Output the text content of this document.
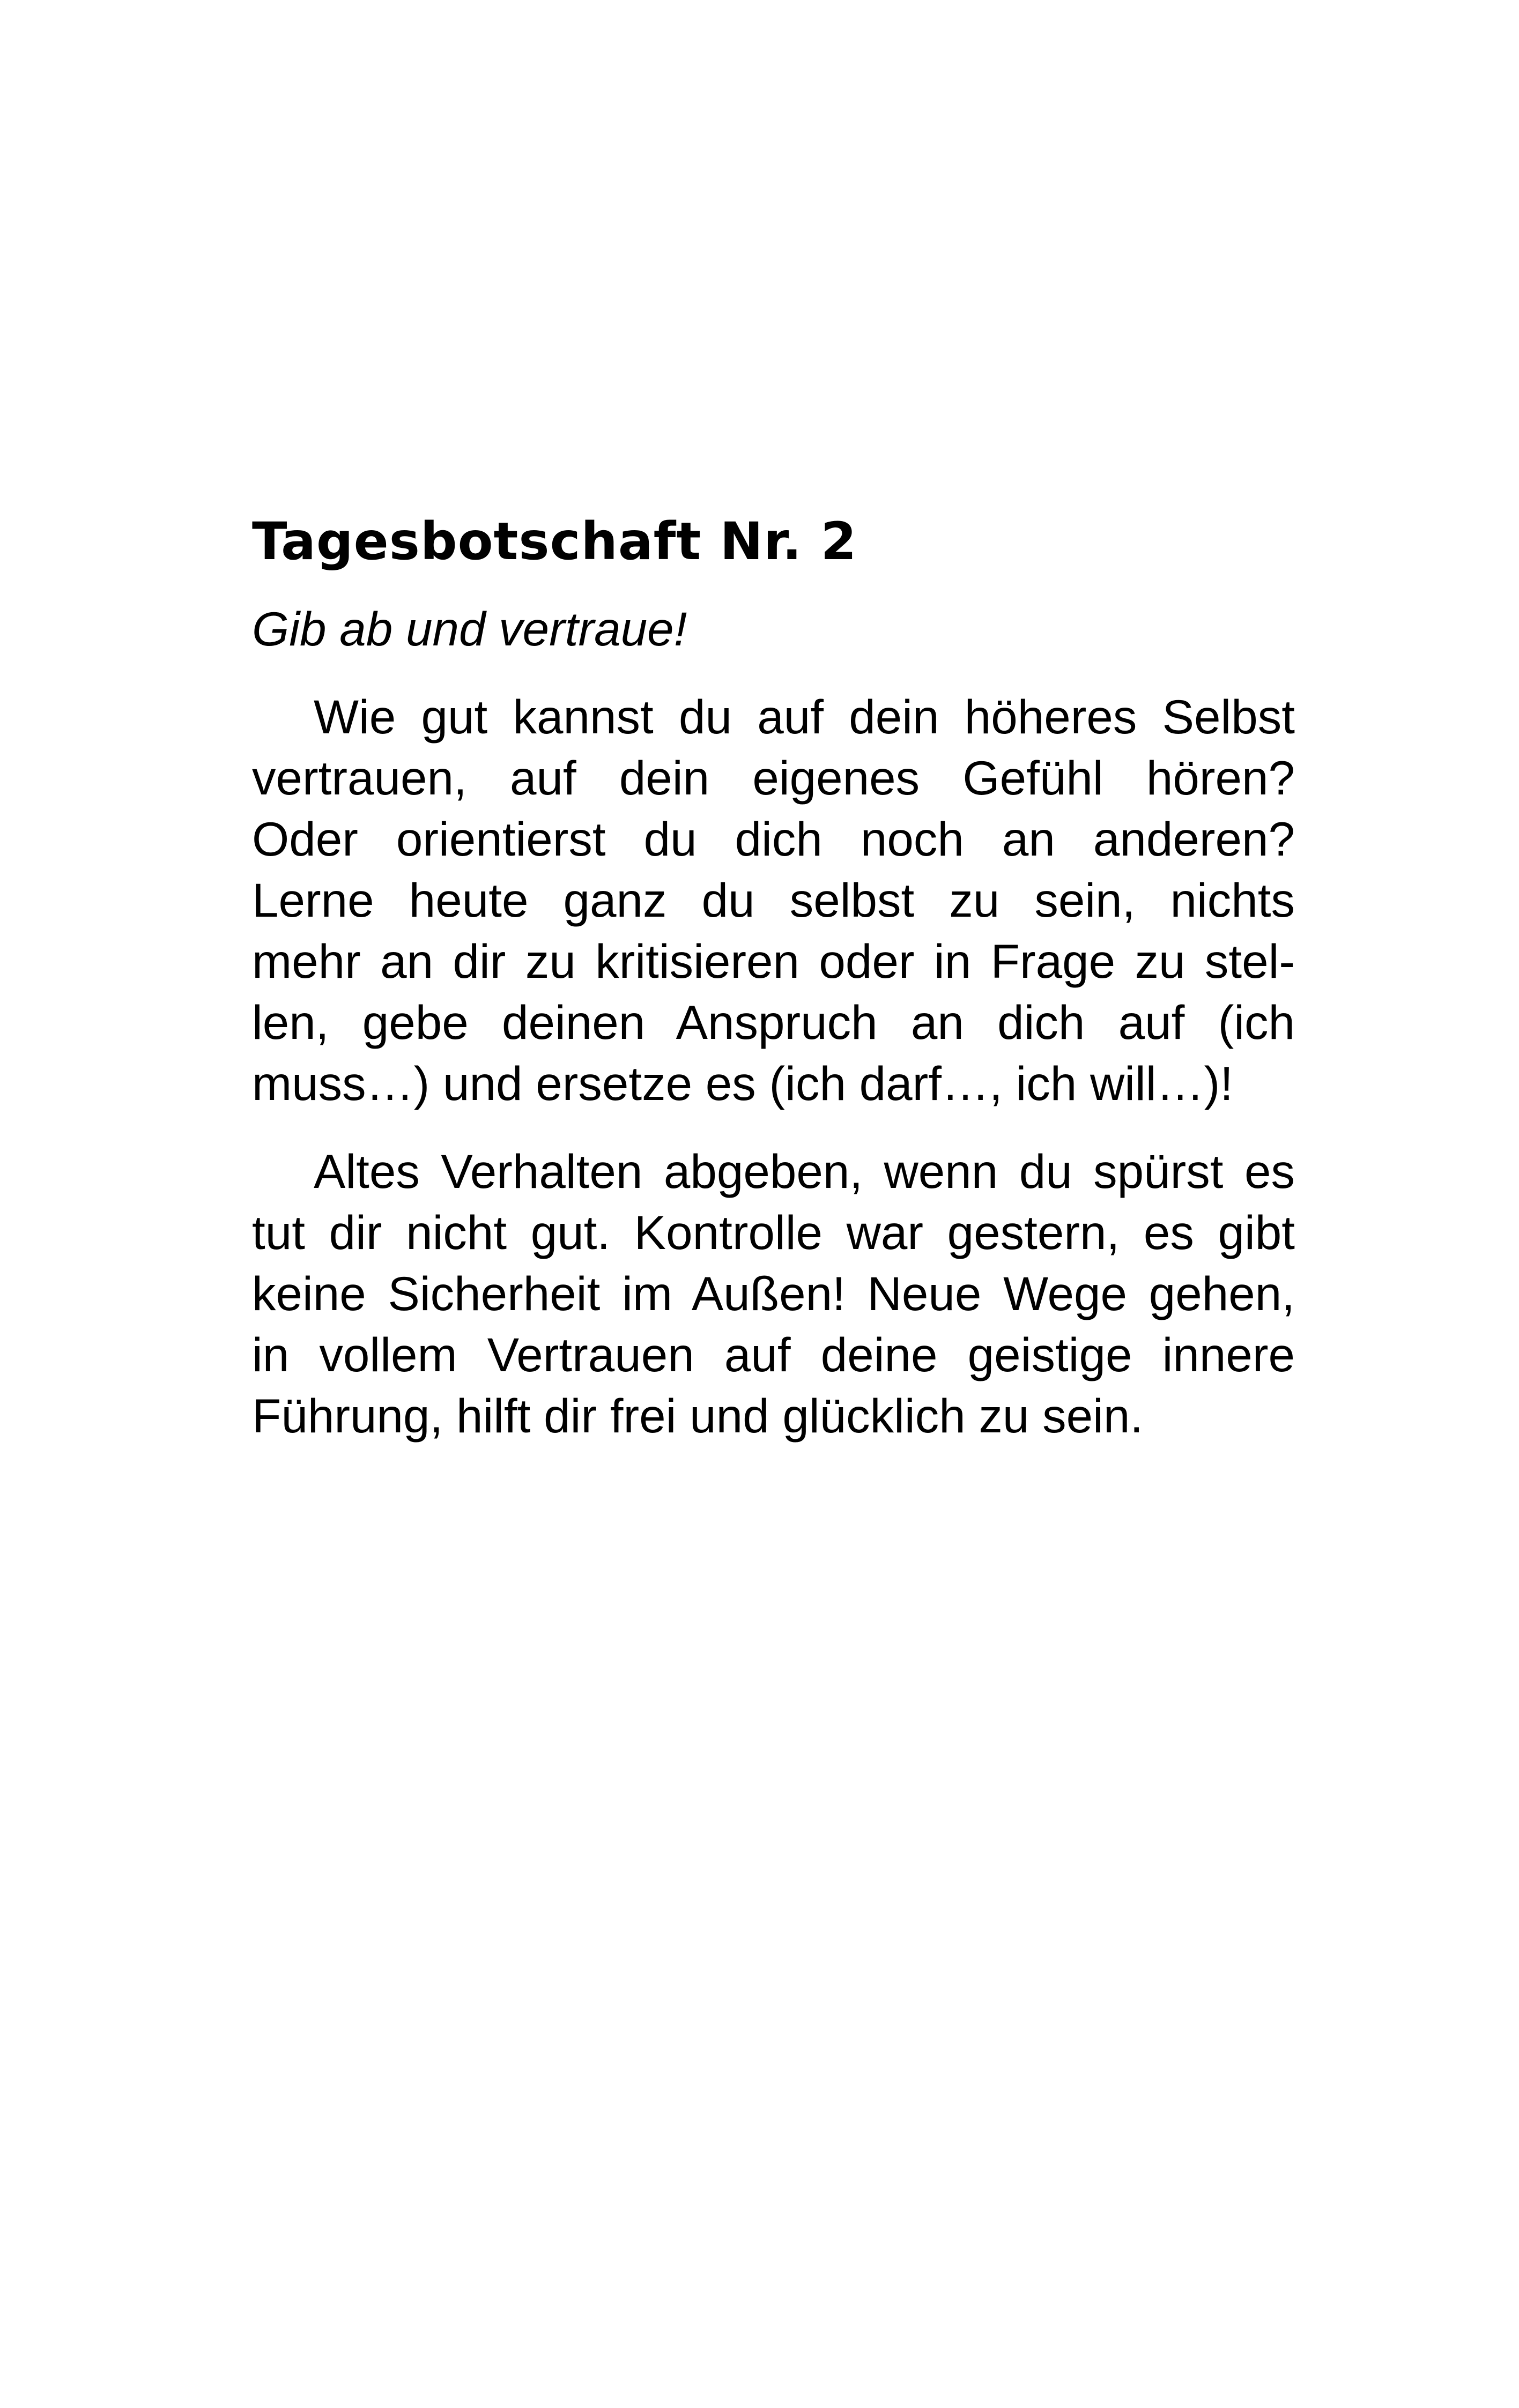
Tagesbotschaft Nr. 2

Gib ab und vertraue!

Wie gut kannst du auf dein höheres Selbst
vertrauen, auf dein eigenes Gefühl hören?
Oder orientierst du dich noch an anderen?
Lerne heute ganz du selbst zu sein, nichts
mehr an dir zu kritisieren oder in Frage zu stel-
len, gebe deinen Anspruch an dich auf (ich
muss…) und ersetze es (ich darf…, ich will…)!
Altes Verhalten abgeben, wenn du spürst es
tut dir nicht gut. Kontrolle war gestern, es gibt
keine Sicherheit im Außen! Neue Wege gehen,
in vollem Vertrauen auf deine geistige innere
Führung, hilft dir frei und glücklich zu sein.
